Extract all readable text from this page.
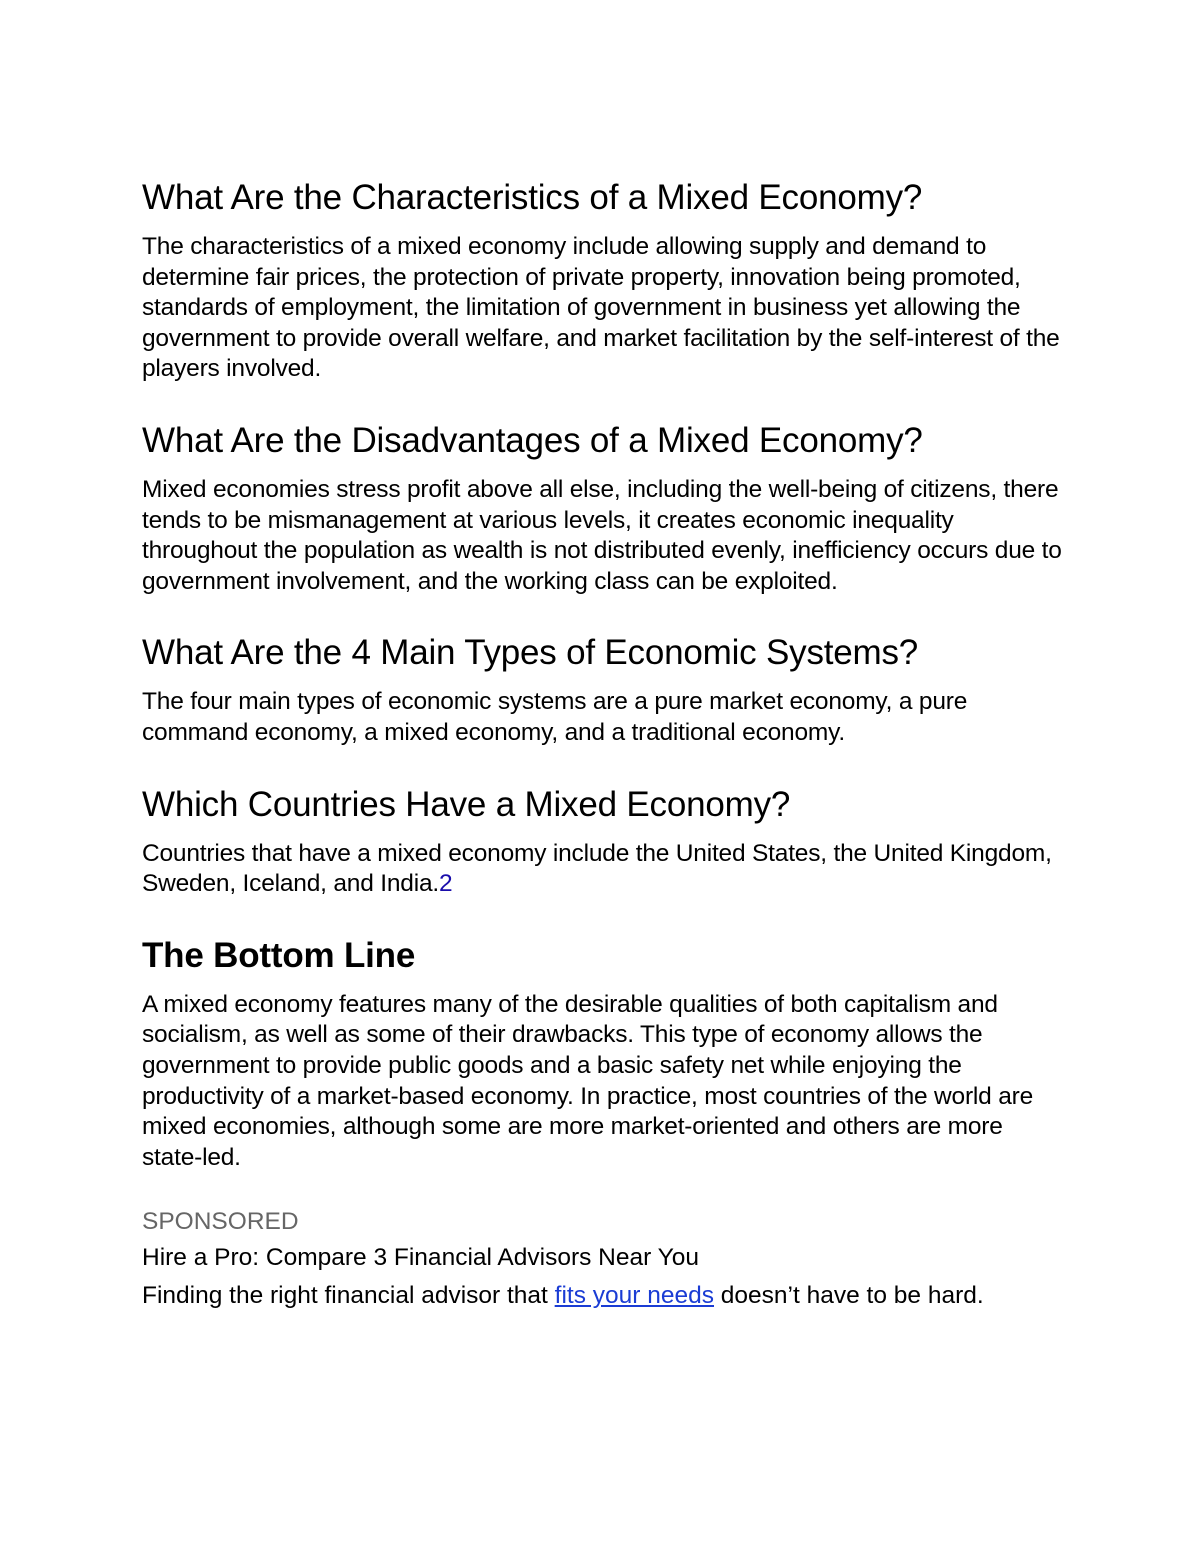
What Are the Characteristics of a Mixed Economy?

The characteristics of a mixed economy include allowing supply and demand to determine fair prices, the protection of private property, innovation being promoted, standards of employment, the limitation of government in business yet allowing the government to provide overall welfare, and market facilitation by the self-interest of the players involved.

What Are the Disadvantages of a Mixed Economy?

Mixed economies stress profit above all else, including the well-being of citizens, there tends to be mismanagement at various levels, it creates economic inequality throughout the population as wealth is not distributed evenly, inefficiency occurs due to government involvement, and the working class can be exploited.

What Are the 4 Main Types of Economic Systems?

The four main types of economic systems are a pure market economy, a pure command economy, a mixed economy, and a traditional economy.

Which Countries Have a Mixed Economy?

Countries that have a mixed economy include the United States, the United Kingdom, Sweden, Iceland, and India.2

The Bottom Line

A mixed economy features many of the desirable qualities of both capitalism and socialism, as well as some of their drawbacks. This type of economy allows the government to provide public goods and a basic safety net while enjoying the productivity of a market-based economy. In practice, most countries of the world are mixed economies, although some are more market-oriented and others are more state-led.

SPONSORED
Hire a Pro: Compare 3 Financial Advisors Near You

Finding the right financial advisor that fits your needs doesn’t have to be hard.
